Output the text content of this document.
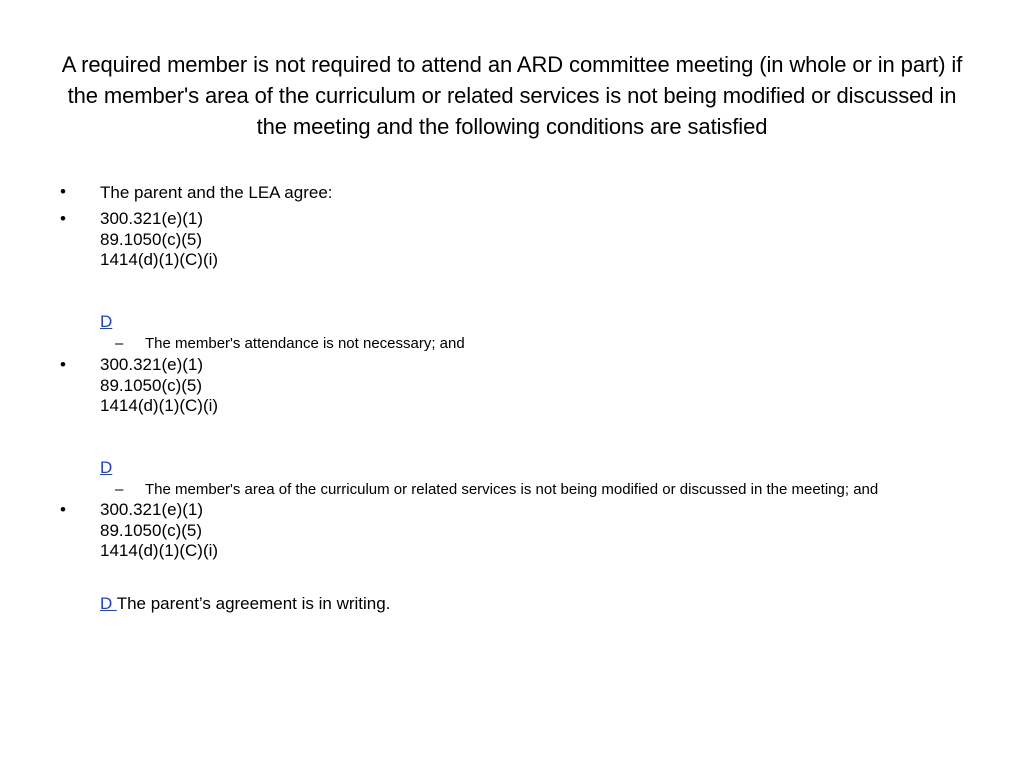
A required member is not required to attend an ARD committee meeting (in whole or in part) if the member's area of the curriculum or related services is not being modified or discussed in the meeting and the following conditions are satisfied
• The parent and the LEA agree:
• 300.321(e)(1)
89.1050(c)(5)
1414(d)(1)(C)(i)
D
– The member's attendance is not necessary; and
• 300.321(e)(1)
89.1050(c)(5)
1414(d)(1)(C)(i)
D
– The member's area of the curriculum or related services is not being modified or discussed in the meeting; and
• 300.321(e)(1)
89.1050(c)(5)
1414(d)(1)(C)(i)
D The parent’s agreement is in writing.
